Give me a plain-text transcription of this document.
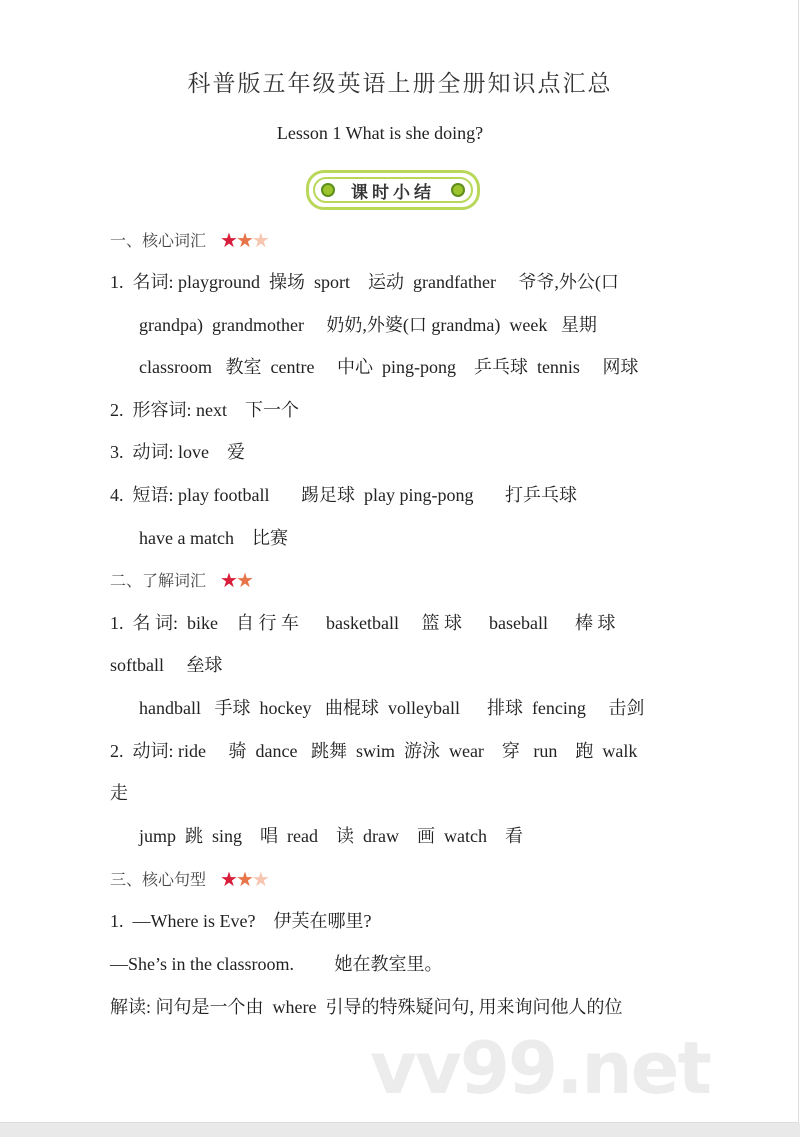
科普版五年级英语上册全册知识点汇总
Lesson 1 What is she doing?
课时小结
一、核心词汇 ★★★
1.  名词: playground  操场  sport    运动  grandfather     爷爷,外公(口
grandpa)  grandmother     奶奶,外婆(口 grandma)  week   星期
classroom   教室  centre     中心  ping-pong    乒乓球  tennis     网球
2.  形容词: next    下一个
3.  动词: love    爱
4.  短语: play football       踢足球  play ping-pong       打乒乓球
have a match    比赛
二、了解词汇 ★★
1.  名 词:  bike    自 行 车      basketball     篮 球      baseball      棒 球
softball     垒球
handball   手球  hockey   曲棍球  volleyball      排球  fencing     击剑
2.  动词: ride     骑  dance   跳舞  swim  游泳  wear    穿   run    跑  walk
走
jump  跳  sing    唱  read    读  draw    画  watch    看
三、核心句型 ★★★
1.  —Where is Eve?    伊芙在哪里?
—She’s in the classroom.         她在教室里。
解读: 问句是一个由  where  引导的特殊疑问句, 用来询问他人的位
vv99.net
